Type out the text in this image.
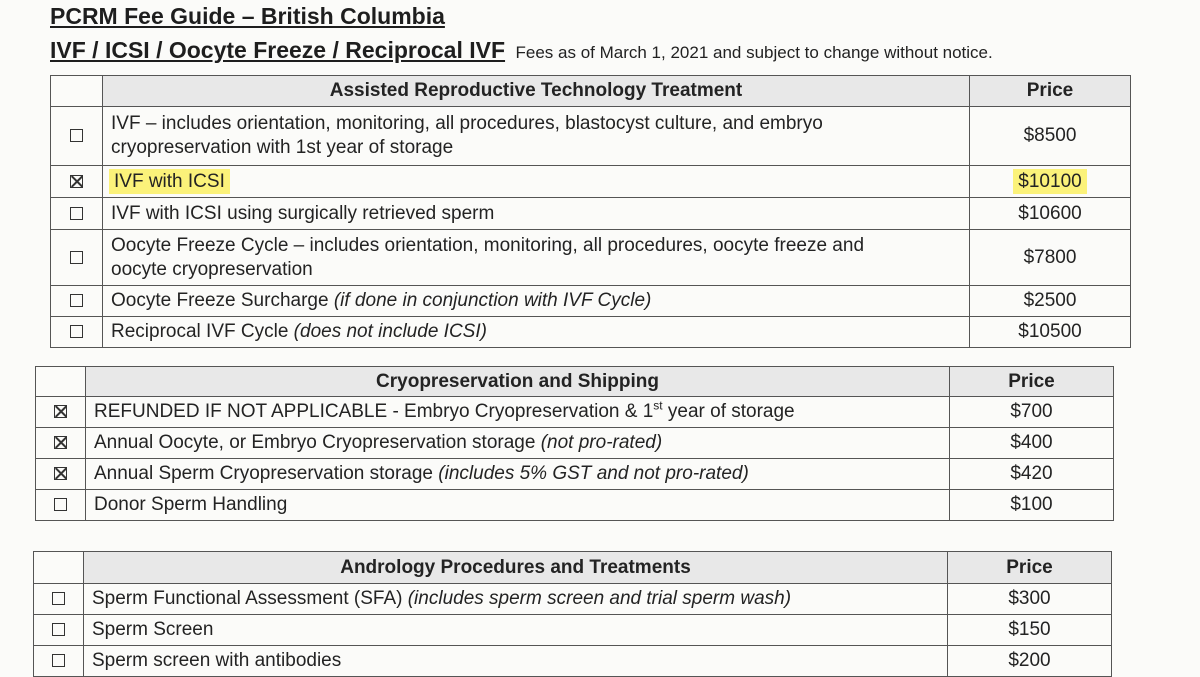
PCRM Fee Guide – British Columbia
IVF / ICSI / Oocyte Freeze / Reciprocal IVF Fees as of March 1, 2021 and subject to change without notice.
	Assisted Reproductive Technology Treatment	Price
	IVF – includes orientation, monitoring, all procedures, blastocyst culture, and embryo
cryopreservation with 1st year of storage	$8500
	IVF with ICSI	$10100
	IVF with ICSI using surgically retrieved sperm	$10600
	Oocyte Freeze Cycle – includes orientation, monitoring, all procedures, oocyte freeze and
oocyte cryopreservation	$7800
	Oocyte Freeze Surcharge (if done in conjunction with IVF Cycle)	$2500
	Reciprocal IVF Cycle (does not include ICSI)	$10500
	Cryopreservation and Shipping	Price
	REFUNDED IF NOT APPLICABLE - Embryo Cryopreservation & 1st year of storage	$700
	Annual Oocyte, or Embryo Cryopreservation storage (not pro-rated)	$400
	Annual Sperm Cryopreservation storage (includes 5% GST and not pro-rated)	$420
	Donor Sperm Handling	$100
	Andrology Procedures and Treatments	Price
	Sperm Functional Assessment (SFA) (includes sperm screen and trial sperm wash)	$300
	Sperm Screen	$150
	Sperm screen with antibodies	$200
